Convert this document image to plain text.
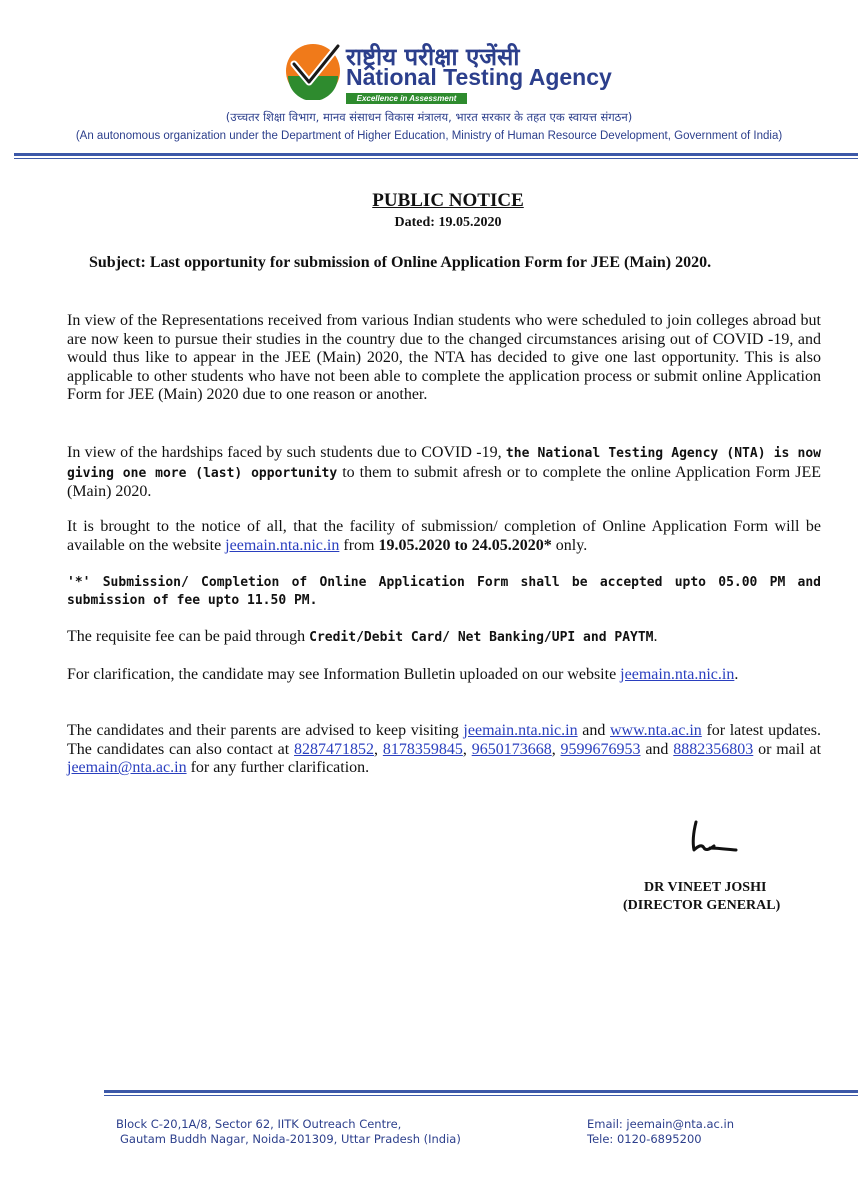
राष्ट्रीय परीक्षा एजेंसी
National Testing Agency
Excellence in Assessment
(उच्चतर शिक्षा विभाग, मानव संसाधन विकास मंत्रालय, भारत सरकार के तहत एक स्वायत्त संगठन)
(An autonomous organization under the Department of Higher Education, Ministry of Human Resource Development, Government of India)
PUBLIC NOTICE
Dated: 19.05.2020
Subject: Last opportunity for submission of Online Application Form for JEE (Main) 2020.
In view of the Representations received from various Indian students who were scheduled to join colleges abroad but are now keen to pursue their studies in the country due to the changed circumstances arising out of COVID -19, and would thus like to appear in the JEE (Main) 2020, the NTA has decided to give one last opportunity. This is also applicable to other students who have not been able to complete the application process or submit online Application Form for JEE (Main) 2020 due to one reason or another.
In view of the hardships faced by such students due to COVID -19, the National Testing Agency (NTA) is now giving one more (last) opportunity to them to submit afresh or to complete the online Application Form JEE (Main) 2020.
It is brought to the notice of all, that the facility of submission/ completion of Online Application Form will be available on the website jeemain.nta.nic.in from 19.05.2020 to 24.05.2020* only.
'*' Submission/ Completion of Online Application Form shall be accepted upto 05.00 PM and submission of fee upto 11.50 PM.
The requisite fee can be paid through Credit/Debit Card/ Net Banking/UPI and PAYTM.
For clarification, the candidate may see Information Bulletin uploaded on our website jeemain.nta.nic.in.
The candidates and their parents are advised to keep visiting jeemain.nta.nic.in and www.nta.ac.in for latest updates. The candidates can also contact at 8287471852, 8178359845, 9650173668, 9599676953 and 8882356803 or mail at jeemain@nta.ac.in for any further clarification.
DR VINEET JOSHI
(DIRECTOR GENERAL)
Block C-20,1A/8, Sector 62, IITK Outreach Centre,
Gautam Buddh Nagar, Noida-201309, Uttar Pradesh (India)
Email: jeemain@nta.ac.in
Tele: 0120-6895200
